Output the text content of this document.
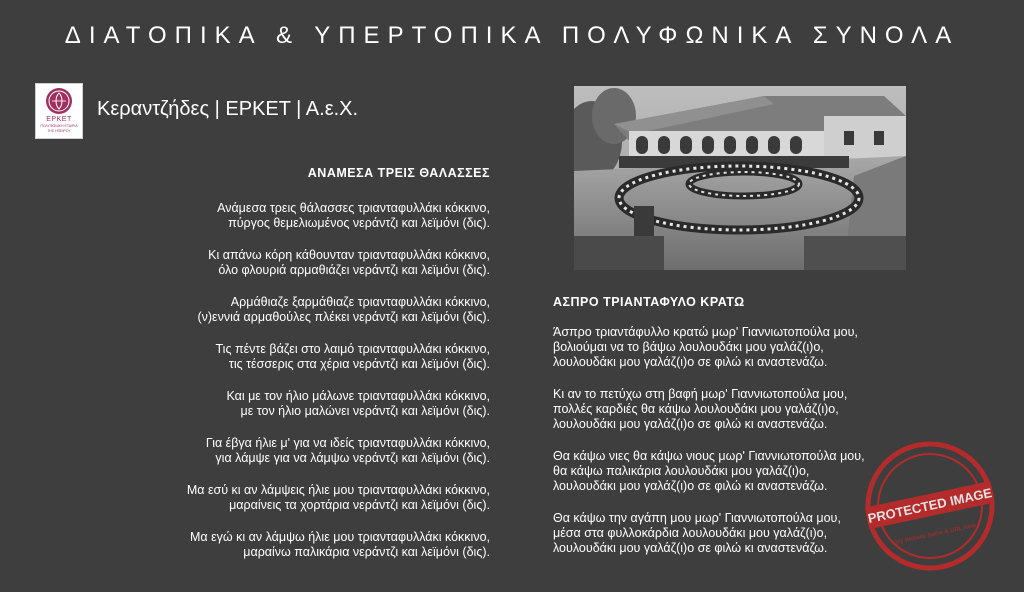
ΔΙΑΤΟΠΙΚΑ & ΥΠΕΡΤΟΠΙΚΑ ΠΟΛΥΦΩΝΙΚΑ ΣΥΝΟΛΑ
ΕΡΚΕΤ
ΠΟΛΥΦΩΝΙΚΗ ΕΤΑΙΡΙΑ
ΤΗΣ ΗΠΕΙΡΟΥ
Κεραντζήδες | ΕΡΚΕΤ | Α.ε.Χ.
ΑΝΑΜΕΣΑ ΤΡΕΙΣ ΘΑΛΑΣΣΕΣ
Ανάμεσα τρεις θάλασσες τριανταφυλλάκι κόκκινο,
πύργος θεμελιωμένος νεράντζι και λεϊμόνι (δις).
Κι απάνω κόρη κάθουνταν τριανταφυλλάκι κόκκινο,
όλο φλουριά αρμαθιάζει νεράντζι και λεϊμόνι (δις).
Αρμάθιαζε ξαρμάθιαζε τριανταφυλλάκι κόκκινο,
(ν)εννιά αρμαθούλες πλέκει νεράντζι και λεϊμόνι (δις).
Τις πέντε βάζει στο λαιμό τριανταφυλλάκι κόκκινο,
τις τέσσερις στα χέρια νεράντζι και λεϊμόνι (δις).
Και με τον ήλιο μάλωνε τριανταφυλλάκι κόκκινο,
με τον ήλιο μαλώνει νεράντζι και λεϊμόνι (δις).
Για έβγα ήλιε μ' για να ιδείς τριανταφυλλάκι κόκκινο,
για λάμψε για να λάμψω νεράντζι και λεϊμόνι (δις).
Μα εσύ κι αν λάμψεις ήλιε μου τριανταφυλλάκι κόκκινο,
μαραίνεις τα χορτάρια νεράντζι και λεϊμόνι (δις).
Μα εγώ κι αν λάμψω ήλιε μου τριανταφυλλάκι κόκκινο,
μαραίνω παλικάρια νεράντζι και λεϊμόνι (δις).
ΑΣΠΡΟ ΤΡΙΑΝΤΑΦΥΛΟ ΚΡΑΤΩ
Άσπρο τριαντάφυλλο κρατώ μωρ' Γιαννιωτοπούλα μου,
βολιούμαι να το βάψω λουλουδάκι μου γαλάζ(ι)ο,
λουλουδάκι μου γαλάζ(ι)ο σε φιλώ κι αναστενάζω.
Κι αν το πετύχω στη βαφή μωρ' Γιαννιωτοπούλα μου,
πολλές καρδιές θα κάψω λουλουδάκι μου γαλάζ(ι)ο,
λουλουδάκι μου γαλάζ(ι)ο σε φιλώ κι αναστενάζω.
Θα κάψω νιες θα κάψω νιους μωρ' Γιαννιωτοπούλα μου,
θα κάψω παλικάρια λουλουδάκι μου γαλάζ(ι)ο,
λουλουδάκι μου γαλάζ(ι)ο σε φιλώ κι αναστενάζω.
Θα κάψω την αγάπη μου μωρ' Γιαννιωτοπούλα μου,
μέσα στα φυλλοκάρδια λουλουδάκι μου γαλάζ(ι)ο,
λουλουδάκι μου γαλάζ(ι)ο σε φιλώ κι αναστενάζω.
PROTECTED IMAGE
My Website Name & URL Here
